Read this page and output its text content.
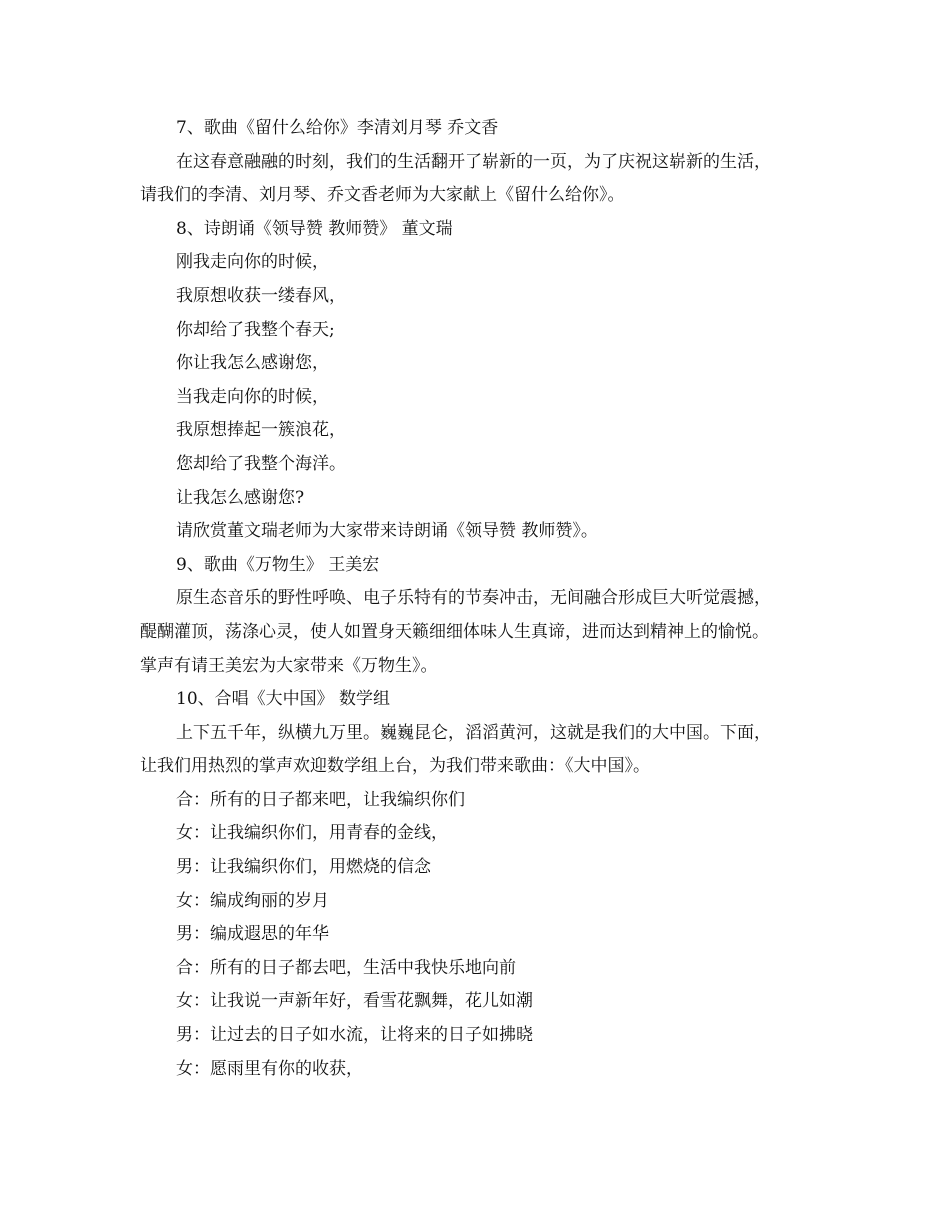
7、歌曲《留什么给你》李清刘月琴 乔文香
在这春意融融的时刻，我们的生活翻开了崭新的一页，为了庆祝这崭新的生活，
请我们的李清、刘月琴、乔文香老师为大家献上《留什么给你》。
8、诗朗诵《领导赞 教师赞》 董文瑞
刚我走向你的时候，
我原想收获一缕春风，
你却给了我整个春天;
你让我怎么感谢您，
当我走向你的时候，
我原想捧起一簇浪花，
您却给了我整个海洋。
让我怎么感谢您?
请欣赏董文瑞老师为大家带来诗朗诵《领导赞 教师赞》。
9、歌曲《万物生》 王美宏
原生态音乐的野性呼唤、电子乐特有的节奏冲击，无间融合形成巨大听觉震撼，
醍醐灌顶，荡涤心灵，使人如置身天籁细细体味人生真谛，进而达到精神上的愉悦。
掌声有请王美宏为大家带来《万物生》。
10、合唱《大中国》 数学组
上下五千年，纵横九万里。巍巍昆仑，滔滔黄河，这就是我们的大中国。下面，
让我们用热烈的掌声欢迎数学组上台，为我们带来歌曲：《大中国》。
合：所有的日子都来吧，让我编织你们
女：让我编织你们，用青春的金线，
男：让我编织你们，用燃烧的信念
女：编成绚丽的岁月
男：编成遐思的年华
合：所有的日子都去吧，生活中我快乐地向前
女：让我说一声新年好，看雪花飘舞，花儿如潮
男：让过去的日子如水流，让将来的日子如拂晓
女：愿雨里有你的收获，
